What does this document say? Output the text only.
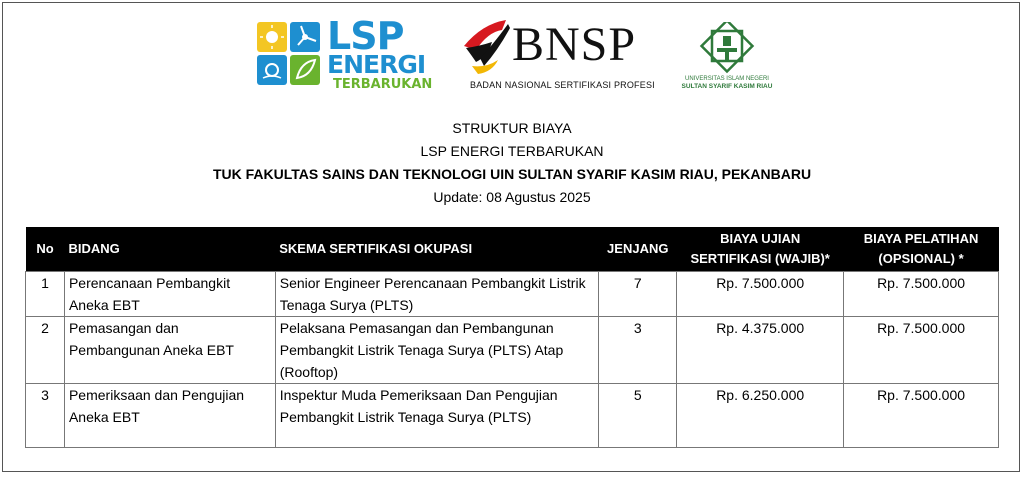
LSP
ENERGI
TERBARUKAN
BNSP
BADAN NASIONAL SERTIFIKASI PROFESI
UNIVERSITAS ISLAM NEGERI
SULTAN SYARIF KASIM RIAU
STRUKTUR BIAYA
LSP ENERGI TERBARUKAN
TUK FAKULTAS SAINS DAN TEKNOLOGI UIN SULTAN SYARIF KASIM RIAU, PEKANBARU
Update: 08 Agustus 2025
No	BIDANG	SKEMA SERTIFIKASI OKUPASI	JENJANG	BIAYA UJIAN SERTIFIKASI (WAJIB)*	BIAYA PELATIHAN (OPSIONAL) *
1	Perencanaan Pembangkit Aneka EBT	Senior Engineer Perencanaan Pembangkit Listrik Tenaga Surya (PLTS)	7	Rp. 7.500.000	Rp. 7.500.000
2	Pemasangan dan Pembangunan Aneka EBT	Pelaksana Pemasangan dan Pembangunan Pembangkit Listrik Tenaga Surya (PLTS) Atap (Rooftop)	3	Rp. 4.375.000	Rp. 7.500.000
3	Pemeriksaan dan Pengujian Aneka EBT	Inspektur Muda Pemeriksaan Dan Pengujian Pembangkit Listrik Tenaga Surya (PLTS)	5	Rp. 6.250.000	Rp. 7.500.000
